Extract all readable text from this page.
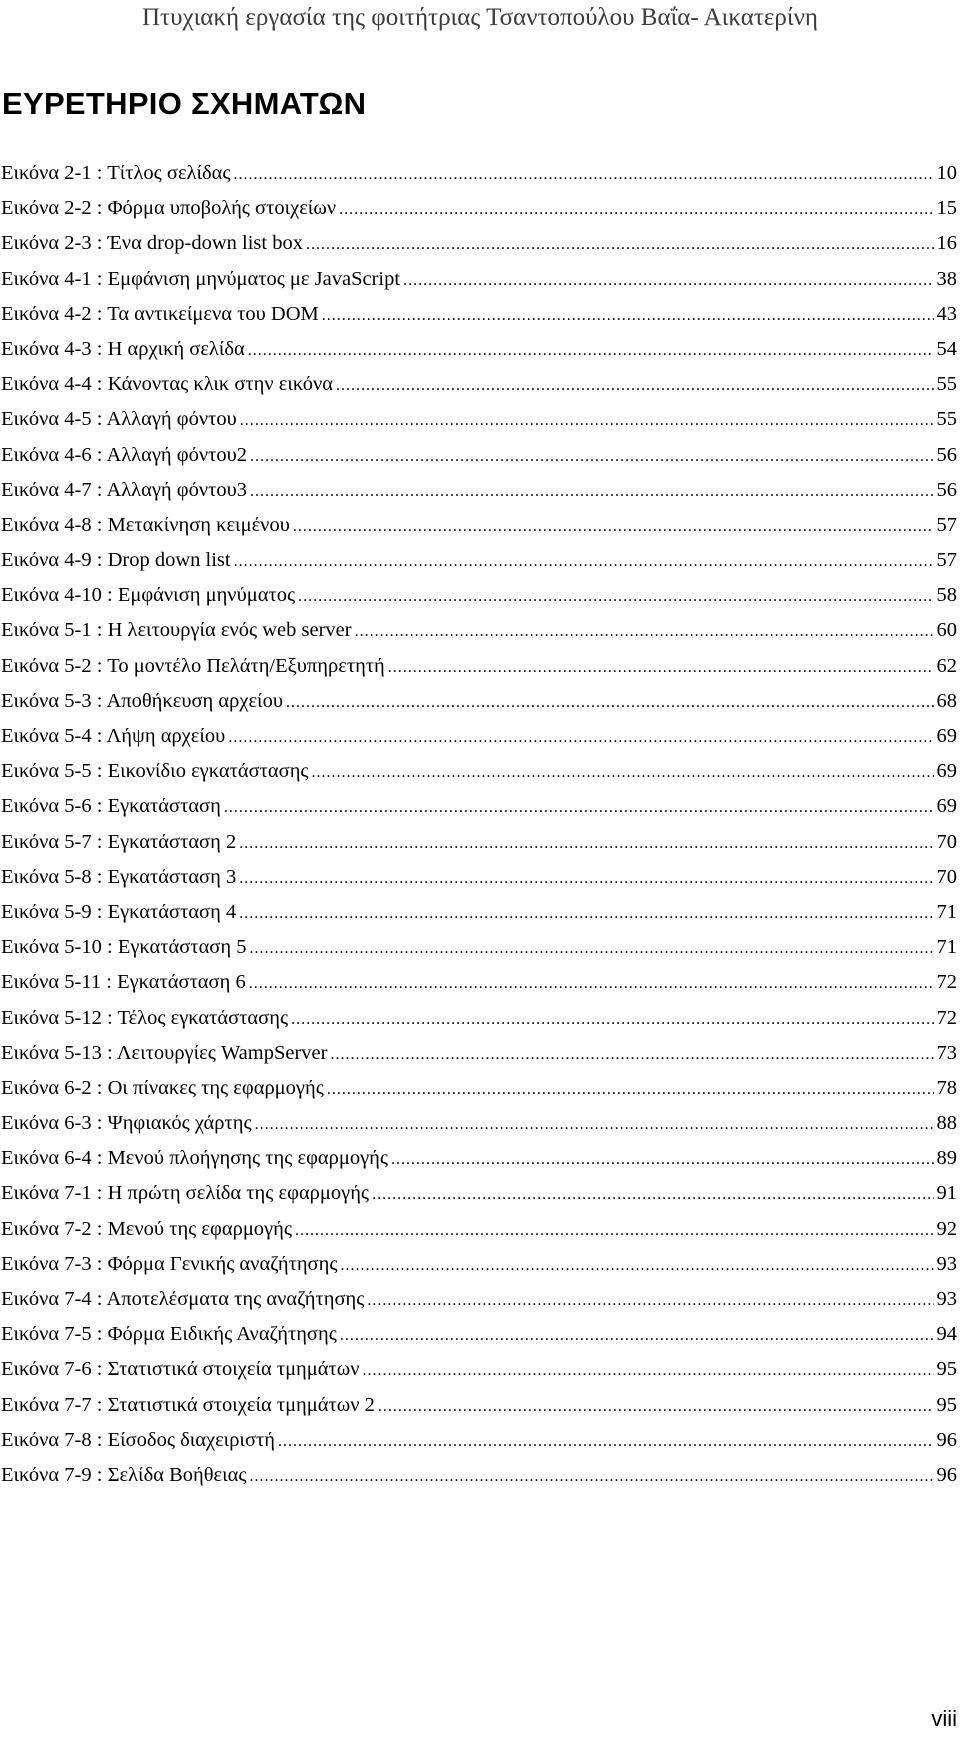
Πτυχιακή εργασία της φοιτήτριας Τσαντοπούλου Βαΐα- Αικατερίνη
ΕΥΡΕΤΗΡΙΟ ΣΧΗΜΑΤΩΝ
Εικόνα 2-1 : Τίτλος σελίδας .....	10
Εικόνα 2-2 : Φόρμα υποβολής στοιχείων .....	15
Εικόνα 2-3 : Ένα drop-down list box .....	16
Εικόνα 4-1 : Εμφάνιση μηνύματος με JavaScript .....	38
Εικόνα 4-2 : Τα αντικείμενα του DOM .....	43
Εικόνα 4-3 : Η αρχική σελίδα .....	54
Εικόνα 4-4 : Κάνοντας κλικ στην εικόνα .....	55
Εικόνα 4-5 : Αλλαγή φόντου .....	55
Εικόνα 4-6 : Αλλαγή φόντου2 .....	56
Εικόνα 4-7 : Αλλαγή φόντου3 .....	56
Εικόνα 4-8 : Μετακίνηση κειμένου .....	57
Εικόνα 4-9 : Drop down list .....	57
Εικόνα 4-10 : Εμφάνιση μηνύματος .....	58
Εικόνα 5-1 : Η λειτουργία ενός web server .....	60
Εικόνα 5-2 : Το μοντέλο Πελάτη/Εξυπηρετητή .....	62
Εικόνα 5-3 : Αποθήκευση αρχείου .....	68
Εικόνα 5-4 : Λήψη αρχείου .....	69
Εικόνα 5-5 : Εικονίδιο εγκατάστασης .....	69
Εικόνα 5-6 : Εγκατάσταση .....	69
Εικόνα 5-7 : Εγκατάσταση 2 .....	70
Εικόνα 5-8 : Εγκατάσταση 3 .....	70
Εικόνα 5-9 : Εγκατάσταση 4 .....	71
Εικόνα 5-10 : Εγκατάσταση 5 .....	71
Εικόνα 5-11 : Εγκατάσταση 6 .....	72
Εικόνα 5-12 : Τέλος εγκατάστασης .....	72
Εικόνα 5-13 : Λειτουργίες WampServer .....	73
Εικόνα 6-2 : Οι πίνακες της εφαρμογής .....	78
Εικόνα 6-3 : Ψηφιακός χάρτης .....	88
Εικόνα 6-4 : Μενού πλοήγησης της εφαρμογής .....	89
Εικόνα 7-1 : Η πρώτη σελίδα της εφαρμογής .....	91
Εικόνα 7-2 : Μενού της εφαρμογής .....	92
Εικόνα 7-3 : Φόρμα Γενικής αναζήτησης .....	93
Εικόνα 7-4 : Αποτελέσματα της αναζήτησης .....	93
Εικόνα 7-5 : Φόρμα Ειδικής Αναζήτησης .....	94
Εικόνα 7-6 : Στατιστικά στοιχεία τμημάτων .....	95
Εικόνα 7-7 : Στατιστικά στοιχεία τμημάτων 2 .....	95
Εικόνα 7-8 : Είσοδος διαχειριστή .....	96
Εικόνα 7-9 : Σελίδα Βοήθειας .....	96
viii
